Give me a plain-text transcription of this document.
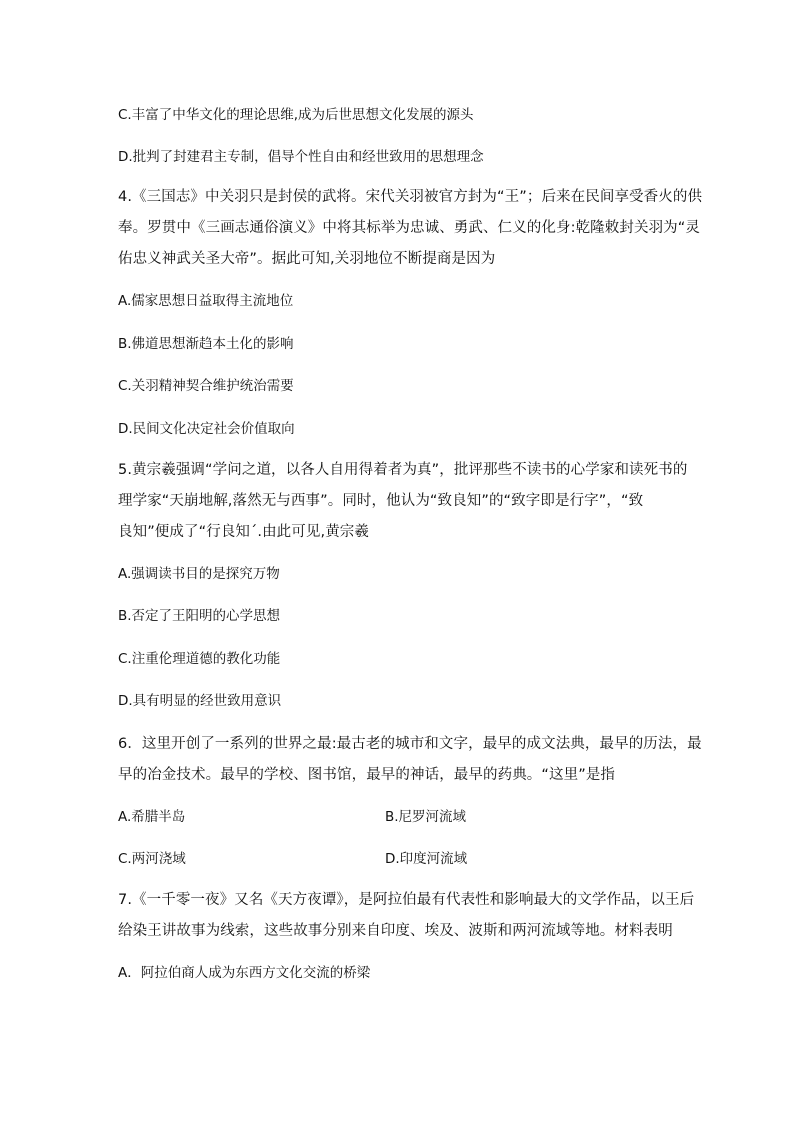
C.丰富了中华文化的理论思维,成为后世思想文化发展的源头
D.批判了封建君主专制，倡导个性自由和经世致用的思想理念
4.《三国志》中关羽只是封侯的武将。宋代关羽被官方封为“王”；后来在民间享受香火的供
奉。罗贯中《三画志通俗演义》中将其标举为忠诚、勇武、仁义的化身:乾隆敕封关羽为“灵
佑忠义神武关圣大帝”。据此可知,关羽地位不断提商是因为
A.儒家思想日益取得主流地位
B.佛道思想渐趋本土化的影响
C.关羽精神契合维护统治需要
D.民间文化决定社会价值取向
5.黄宗羲强调“学问之道，以各人自用得着者为真”，批评那些不读书的心学家和读死书的
理学家“天崩地解,落然无与西事”。同时，他认为“致良知”的“致字即是行字”，“致
良知”便成了“行良知ˊ.由此可见,黄宗羲
A.强调读书目的是探究万物
B.否定了王阳明的心学思想
C.注重伦理道德的教化功能
D.具有明显的经世致用意识
6．这里开创了一系列的世界之最:最古老的城市和文字，最早的成文法典，最早的历法，最
早的冶金技术。最早的学校、图书馆，最早的神话，最早的药典。“这里”是指
A.希腊半岛	B.尼罗河流域
C.两河浇域	D.印度河流域
7.《一千零一夜》又名《天方夜谭》，是阿拉伯最有代表性和影响最大的文学作品，以王后
给染王讲故事为线索，这些故事分别来自印度、埃及、波斯和两河流域等地。材料表明
A．阿拉伯商人成为东西方文化交流的桥梁
